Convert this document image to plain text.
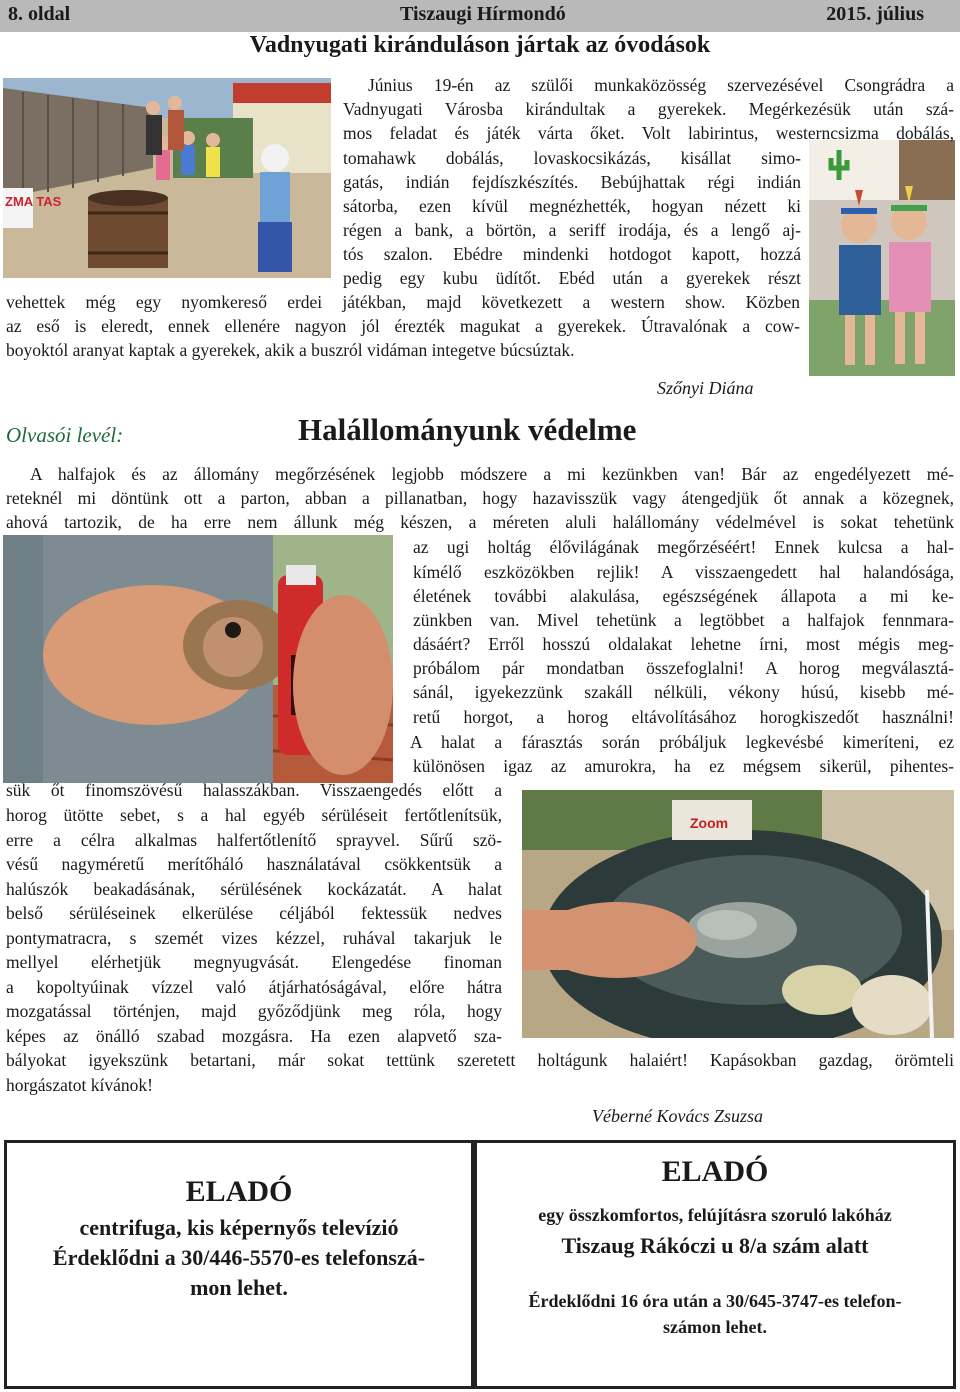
8. oldal	Tiszaugi Hírmondó	2015. július
Vadnyugati kiránduláson jártak az óvodások
ZMA TAS
Június 19-én az szülői munkaközösség szervezésével Csongrádra a
Vadnyugati Városba kirándultak a gyerekek. Megérkezésük után szá-
mos feladat és játék várta őket. Volt labirintus, westerncsizma dobálás,
tomahawk dobálás, lovaskocsikázás, kisállat simo-
gatás, indián fejdíszkészítés. Bebújhattak régi indián
sátorba, ezen kívül megnézhették, hogyan nézett ki
régen a bank, a börtön, a seriff irodája, és a lengő aj-
tós szalon. Ebédre mindenki hotdogot kapott, hozzá
pedig egy kubu üdítőt. Ebéd után a gyerekek részt
vehettek még egy nyomkereső erdei játékban, majd következett a western show. Közben
az eső is eleredt, ennek ellenére nagyon jól érezték magukat a gyerekek. Útravalónak a cow-
boyoktól aranyat kaptak a gyerekek, akik a buszról vidáman integetve búcsúztak.
Szőnyi Diána
Olvasói levél:	Halállományunk védelme
A halfajok és az állomány megőrzésének legjobb módszere a mi kezünkben van! Bár az engedélyezett mé-
reteknél mi döntünk ott a parton, abban a pillanatban, hogy hazavisszük vagy átengedjük őt annak a közegnek,
ahová tartozik, de ha erre nem állunk még készen, a méreten aluli halállomány védelmével is sokat tehetünk
az ugi holtág élővilágának megőrzéséért! Ennek kulcsa a hal-
kímélő eszközökben rejlik! A visszaengedett hal halandósága,
életének további alakulása, egészségének állapota a mi ke-
zünkben van. Mivel tehetünk a legtöbbet a halfajok fennmara-
dásáért? Erről hosszú oldalakat lehetne írni, most mégis meg-
próbálom pár mondatban összefoglalni! A horog megválasztá-
sánál, igyekezzünk szakáll nélküli, vékony húsú, kisebb mé-
retű horgot, a horog eltávolításához horogkiszedőt használni!
A halat a fárasztás során próbáljuk legkevésbé kimeríteni, ez
különösen igaz az amurokra, ha ez mégsem sikerül, pihentes-
Zoom
sük őt finomszövésű halasszákban. Visszaengedés előtt a
horog ütötte sebet, s a hal egyéb sérüléseit fertőtlenítsük,
erre a célra alkalmas halfertőtlenítő sprayvel. Sűrű szö-
vésű nagyméretű merítőháló használatával csökkentsük a
halúszók beakadásának, sérülésének kockázatát. A halat
belső sérüléseinek elkerülése céljából fektessük nedves
pontymatracra, s szemét vizes kézzel, ruhával takarjuk le
mellyel elérhetjük megnyugvását. Elengedése finoman
a kopoltyúinak vízzel való átjárhatóságával, előre hátra
mozgatással történjen, majd győződjünk meg róla, hogy
képes az önálló szabad mozgásra. Ha ezen alapvető sza-
bályokat igyekszünk betartani, már sokat tettünk szeretett holtágunk halaiért! Kapásokban gazdag, örömteli
horgászatot kívánok!
Véberné Kovács Zsuzsa
ELADÓ
centrifuga, kis képernyős televízió
Érdeklődni a 30/446-5570-es telefonszá-
mon lehet.
ELADÓ
egy összkomfortos, felújításra szoruló lakóház
Tiszaug Rákóczi u 8/a szám alatt
Érdeklődni 16 óra után a 30/645-3747-es telefon-
számon lehet.
